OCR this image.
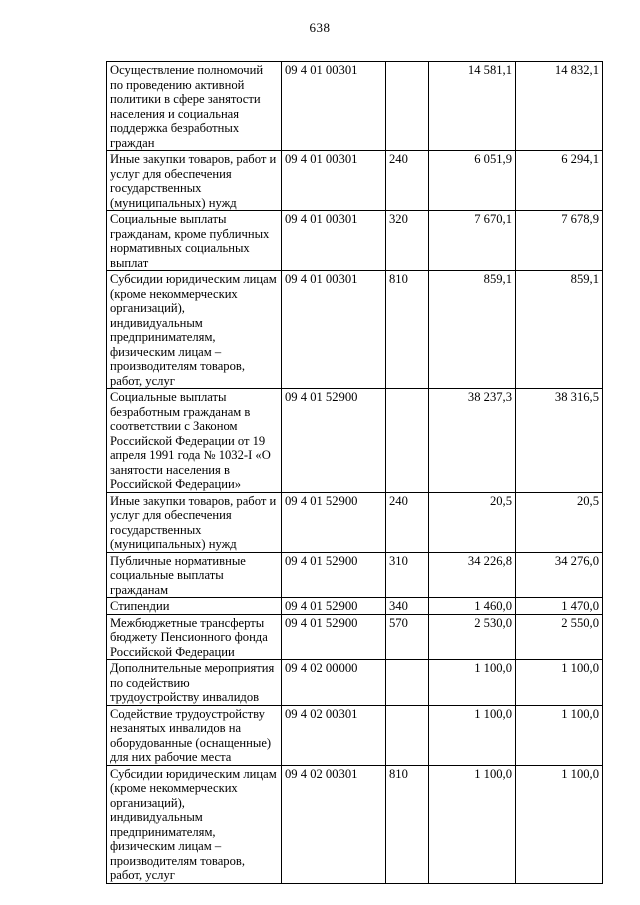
638
Осуществление полномочий по проведению активной политики в сфере занятости населения и социальная поддержка безработных граждан	09 4 01 00301		14 581,1	14 832,1
Иные закупки товаров, работ и услуг для обеспечения государственных (муниципальных) нужд	09 4 01 00301	240	6 051,9	6 294,1
Социальные выплаты гражданам, кроме публичных нормативных социальных выплат	09 4 01 00301	320	7 670,1	7 678,9
Субсидии юридическим лицам (кроме некоммерческих организаций), индивидуальным предпринимателям, физическим лицам – производителям товаров, работ, услуг	09 4 01 00301	810	859,1	859,1
Социальные выплаты безработным гражданам в соответствии с Законом Российской Федерации от 19 апреля 1991 года № 1032-I «О занятости населения в Российской Федерации»	09 4 01 52900		38 237,3	38 316,5
Иные закупки товаров, работ и услуг для обеспечения государственных (муниципальных) нужд	09 4 01 52900	240	20,5	20,5
Публичные нормативные социальные выплаты гражданам	09 4 01 52900	310	34 226,8	34 276,0
Стипендии	09 4 01 52900	340	1 460,0	1 470,0
Межбюджетные трансферты бюджету Пенсионного фонда Российской Федерации	09 4 01 52900	570	2 530,0	2 550,0
Дополнительные мероприятия по содействию трудоустройству инвалидов	09 4 02 00000		1 100,0	1 100,0
Содействие трудоустройству незанятых инвалидов на оборудованные (оснащенные) для них рабочие места	09 4 02 00301		1 100,0	1 100,0
Субсидии юридическим лицам (кроме некоммерческих организаций), индивидуальным предпринимателям, физическим лицам – производителям товаров, работ, услуг	09 4 02 00301	810	1 100,0	1 100,0
